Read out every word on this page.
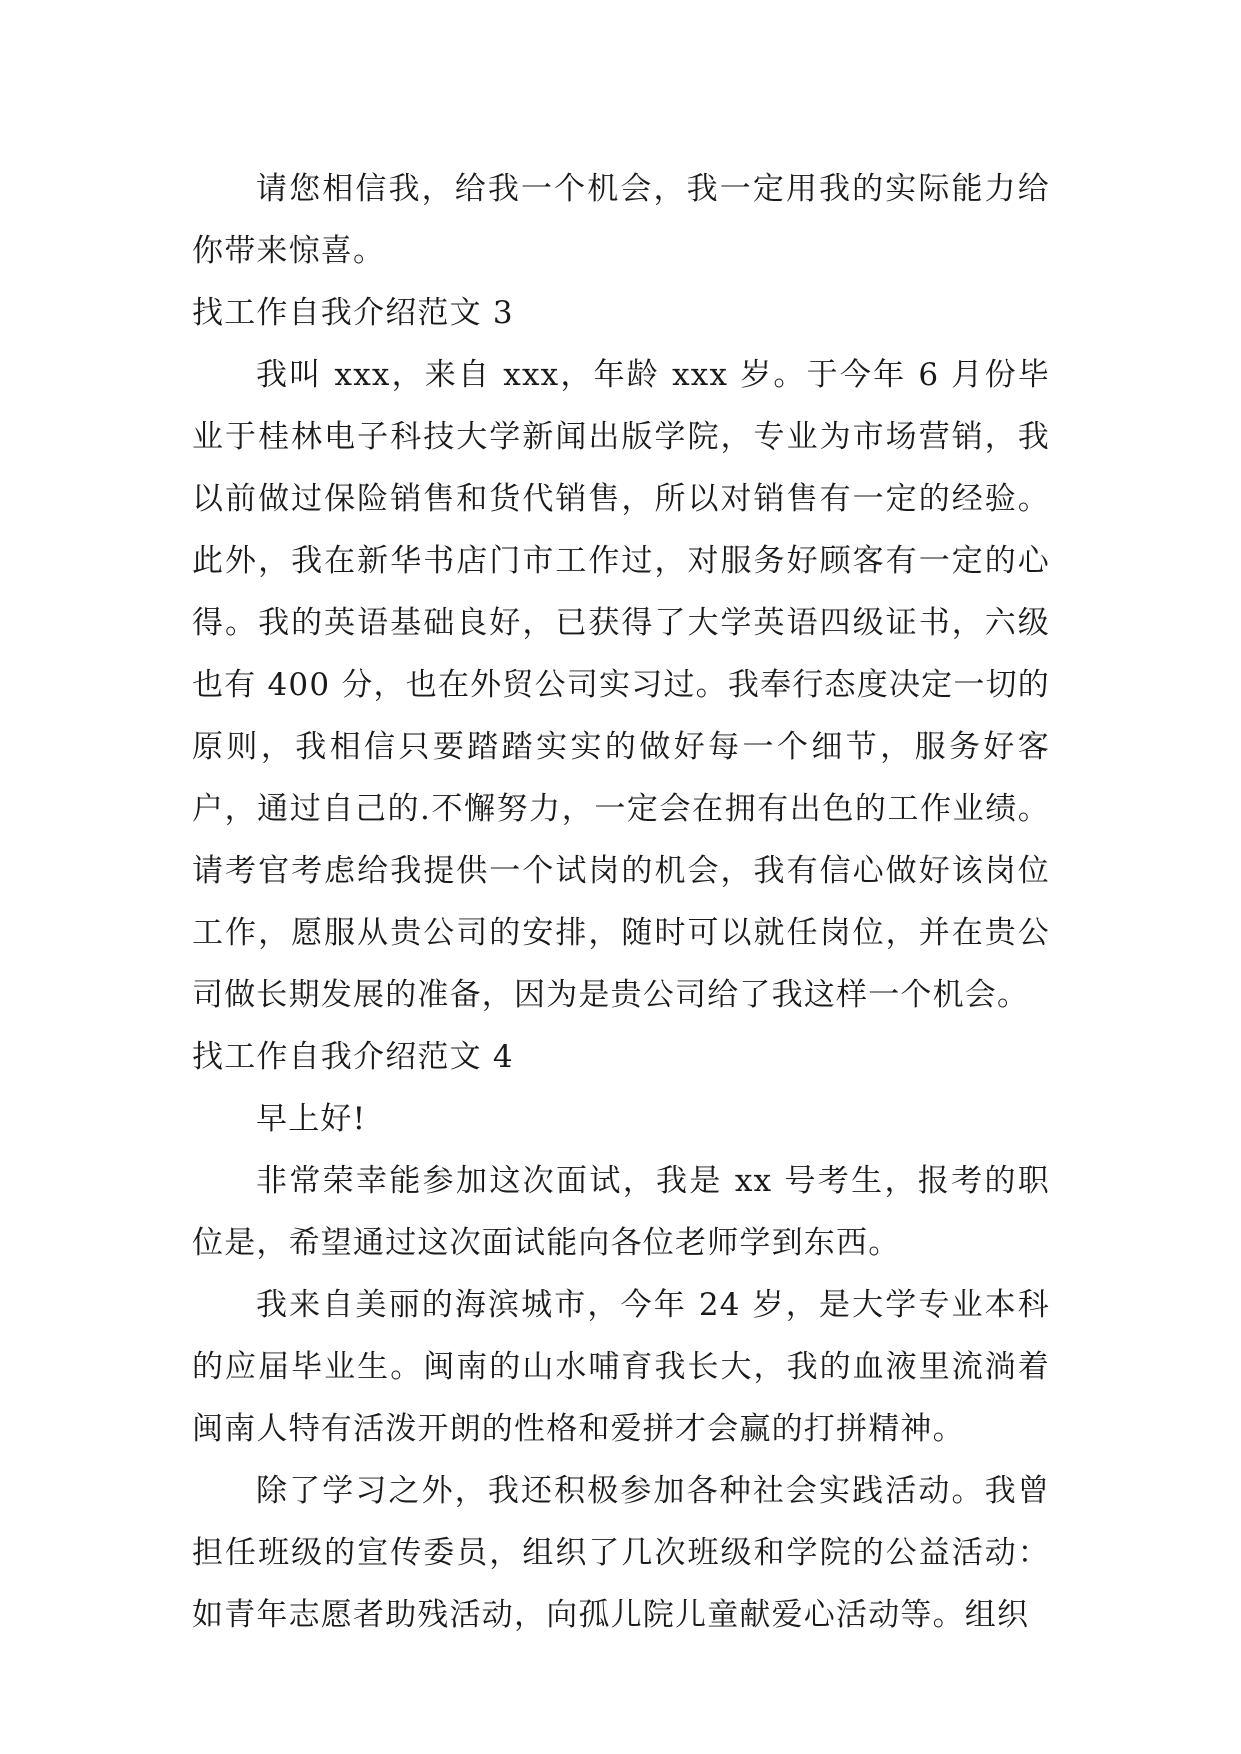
请您相信我，给我一个机会，我一定用我的实际能力给你带来惊喜。

找工作自我介绍范文 3

我叫 xxx，来自 xxx，年龄 xxx 岁。于今年 6 月份毕业于桂林电子科技大学新闻出版学院，专业为市场营销，我以前做过保险销售和货代销售，所以对销售有一定的经验。此外，我在新华书店门市工作过，对服务好顾客有一定的心得。我的英语基础良好，已获得了大学英语四级证书，六级也有 400 分，也在外贸公司实习过。我奉行态度决定一切的原则，我相信只要踏踏实实的做好每一个细节，服务好客户，通过自己的.不懈努力，一定会在拥有出色的工作业绩。请考官考虑给我提供一个试岗的机会，我有信心做好该岗位工作，愿服从贵公司的安排，随时可以就任岗位，并在贵公司做长期发展的准备，因为是贵公司给了我这样一个机会。

找工作自我介绍范文 4

早上好!

非常荣幸能参加这次面试，我是 xx 号考生，报考的职位是，希望通过这次面试能向各位老师学到东西。

我来自美丽的海滨城市，今年 24 岁，是大学专业本科的应届毕业生。闽南的山水哺育我长大，我的血液里流淌着闽南人特有活泼开朗的性格和爱拼才会赢的打拼精神。

除了学习之外，我还积极参加各种社会实践活动。我曾担任班级的宣传委员，组织了几次班级和学院的公益活动：如青年志愿者助残活动，向孤儿院儿童献爱心活动等。组织
